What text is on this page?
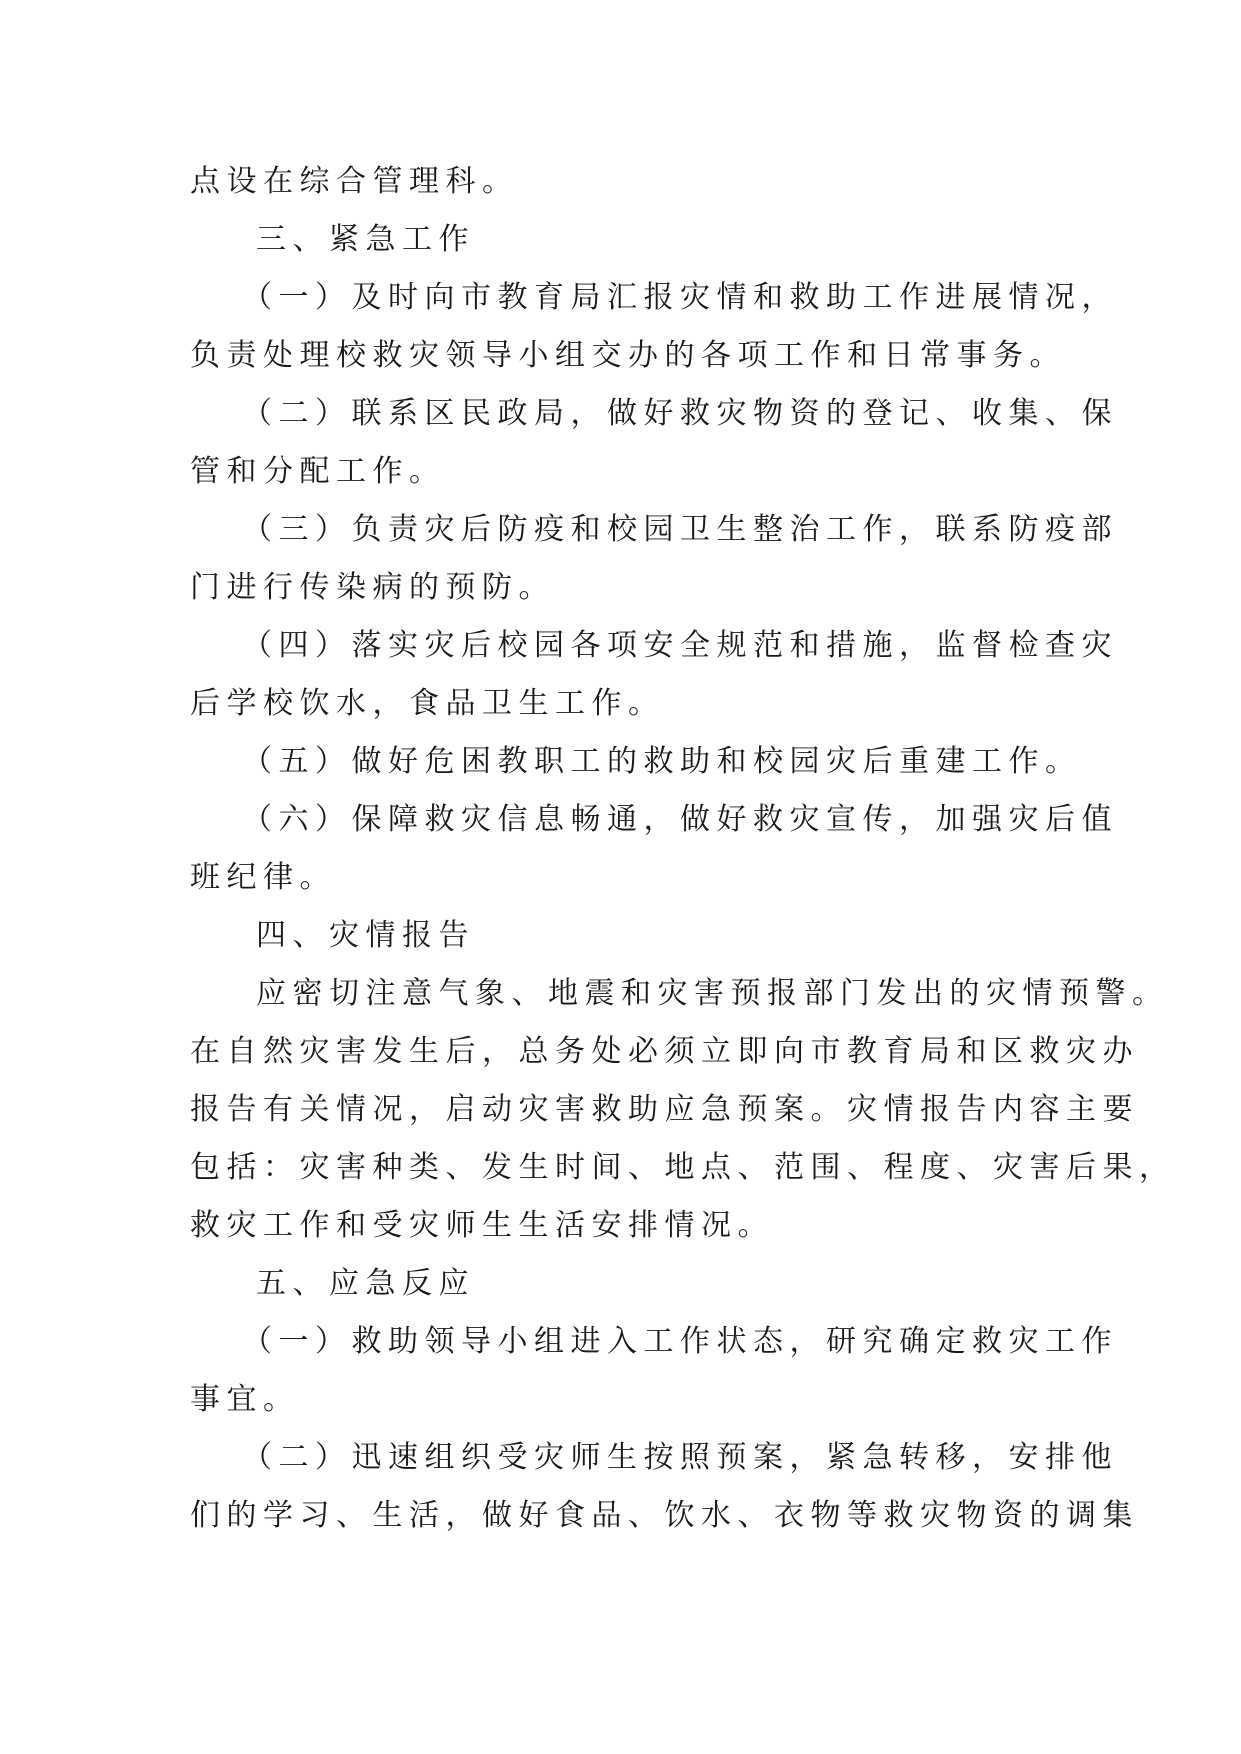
点设在综合管理科。
三、紧急工作
（一）及时向市教育局汇报灾情和救助工作进展情况，
负责处理校救灾领导小组交办的各项工作和日常事务。
（二）联系区民政局，做好救灾物资的登记、收集、保
管和分配工作。
（三）负责灾后防疫和校园卫生整治工作，联系防疫部
门进行传染病的预防。
（四）落实灾后校园各项安全规范和措施，监督检查灾
后学校饮水，食品卫生工作。
（五）做好危困教职工的救助和校园灾后重建工作。
（六）保障救灾信息畅通，做好救灾宣传，加强灾后值
班纪律。
四、灾情报告
应密切注意气象、地震和灾害预报部门发出的灾情预警。
在自然灾害发生后，总务处必须立即向市教育局和区救灾办
报告有关情况，启动灾害救助应急预案。灾情报告内容主要
包括：灾害种类、发生时间、地点、范围、程度、灾害后果，
救灾工作和受灾师生生活安排情况。
五、应急反应
（一）救助领导小组进入工作状态，研究确定救灾工作
事宜。
（二）迅速组织受灾师生按照预案，紧急转移，安排他
们的学习、生活，做好食品、饮水、衣物等救灾物资的调集
